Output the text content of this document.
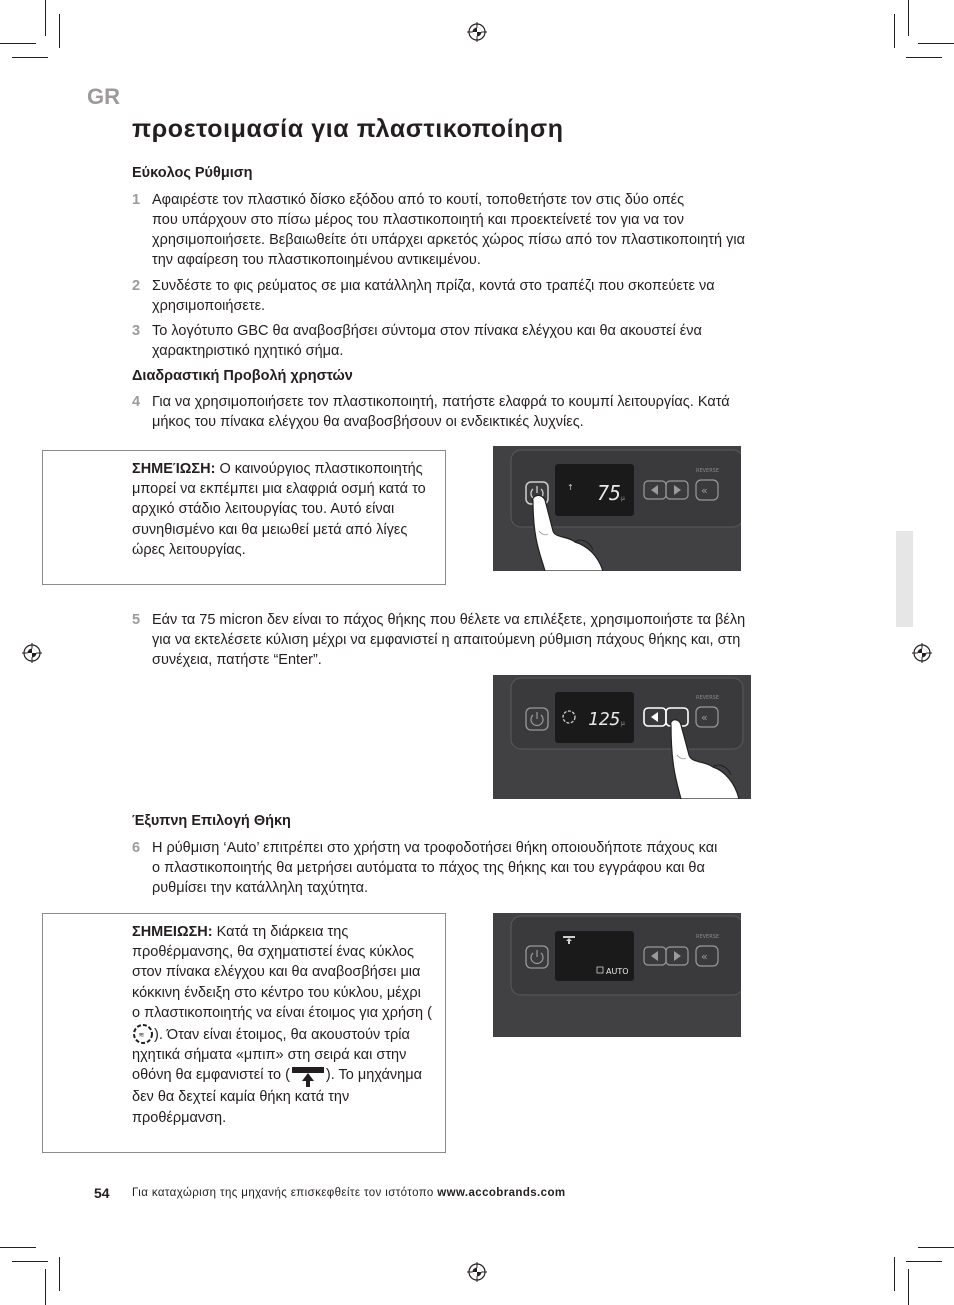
GR
προετοιμασία για πλαστικοποίηση
Εύκολος Ρύθμιση
1 Αφαιρέστε τον πλαστικό δίσκο εξόδου από το κουτί, τοποθετήστε τον στις δύο οπές
που υπάρχουν στο πίσω μέρος του πλαστικοποιητή και προεκτείνετέ τον για να τον
χρησιμοποιήσετε. Βεβαιωθείτε ότι υπάρχει αρκετός χώρος πίσω από τον πλαστικοποιητή για
την αφαίρεση του πλαστικοποιημένου αντικειμένου.
2 Συνδέστε το φις ρεύματος σε μια κατάλληλη πρίζα, κοντά στο τραπέζι που σκοπεύετε να
χρησιμοποιήσετε.
3 Το λογότυπο GBC θα αναβοσβήσει σύντομα στον πίνακα ελέγχου και θα ακουστεί ένα
χαρακτηριστικό ηχητικό σήμα.
Διαδραστική Προβολή χρηστών
4 Για να χρησιμοποιήσετε τον πλαστικοποιητή, πατήστε ελαφρά το κουμπί λειτουργίας. Κατά
μήκος του πίνακα ελέγχου θα αναβοσβήσουν οι ενδεικτικές λυχνίες.
ΣΗΜΕΊΩΣΗ: Ο καινούργιος πλαστικοποιητής μπορεί να εκπέμπει μια ελαφριά οσμή κατά το αρχικό στάδιο λειτουργίας του. Αυτό είναι συνηθισμένο και θα μειωθεί μετά από λίγες ώρες λειτουργίας.
↑ 75 μ
«
REVERSE
5 Εάν τα 75 micron δεν είναι το πάχος θήκης που θέλετε να επιλέξετε, χρησιμοποιήστε τα βέλη
για να εκτελέσετε κύλιση μέχρι να εμφανιστεί η απαιτούμενη ρύθμιση πάχους θήκης και, στη
συνέχεια, πατήστε “Enter”.
125 μ	«
REVERSE
Έξυπνη Επιλογή Θήκη
6 Η ρύθμιση ‘Auto’ επιτρέπει στο χρήστη να τροφοδοτήσει θήκη οποιουδήποτε πάχους και
ο πλαστικοποιητής θα μετρήσει αυτόματα το πάχος της θήκης και του εγγράφου και θα
ρυθμίσει την κατάλληλη ταχύτητα.
ΣΗΜΕΙΩΣΗ: Κατά τη διάρκεια της προθέρμανσης, θα σχηματιστεί ένας κύκλος στον πίνακα ελέγχου και θα αναβοσβήσει μια κόκκινη ένδειξη στο κέντρο του κύκλου, μέχρι ο πλαστικοποιητής να είναι έτοιμος για χρήση (
≋ ). Όταν είναι έτοιμος, θα ακουστούν τρία ηχητικά σήματα «μπιπ» στη σειρά και στην οθόνη θα εμφανιστεί το ( ). Το μηχάνημα δεν θα δεχτεί καμία θήκη κατά την προθέρμανση.
AUTO
«
REVERSE
54 Για καταχώριση της μηχανής επισκεφθείτε τον ιστότοπο www.accobrands.com
